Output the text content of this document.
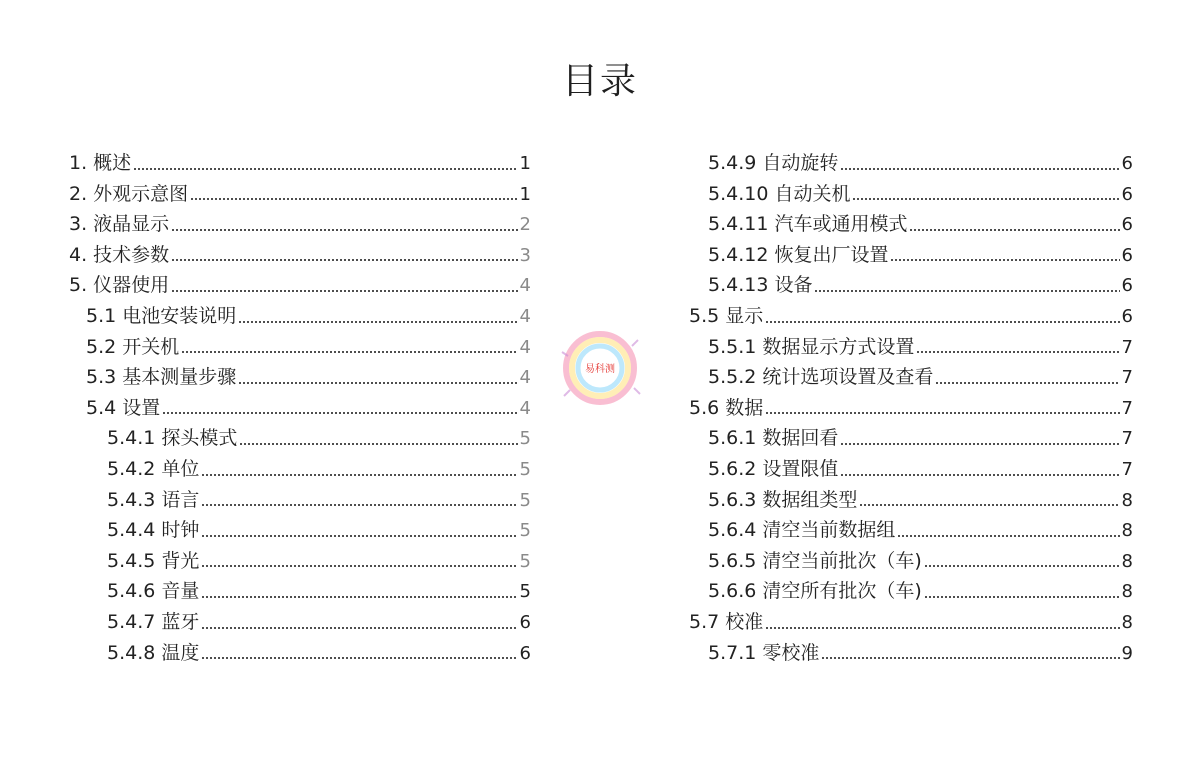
目录
1. 概述	1
2. 外观示意图	1
3. 液晶显示	2
4. 技术参数	3
5. 仪器使用	4
5.1 电池安装说明	4
5.2 开关机	4
5.3 基本测量步骤	4
5.4 设置	4
5.4.1 探头模式	5
5.4.2 单位	5
5.4.3 语言	5
5.4.4 时钟	5
5.4.5 背光	5
5.4.6 音量	5
5.4.7 蓝牙	6
5.4.8 温度	6
5.4.9 自动旋转	6
5.4.10 自动关机	6
5.4.11 汽车或通用模式	6
5.4.12 恢复出厂设置	6
5.4.13 设备	6
5.5 显示	6
5.5.1 数据显示方式设置	7
5.5.2 统计选项设置及查看	7
5.6 数据	7
5.6.1 数据回看	7
5.6.2 设置限值	7
5.6.3 数据组类型	8
5.6.4 清空当前数据组	8
5.6.5 清空当前批次（车)	8
5.6.6 清空所有批次（车)	8
5.7 校准	8
5.7.1 零校准	9
易科测
